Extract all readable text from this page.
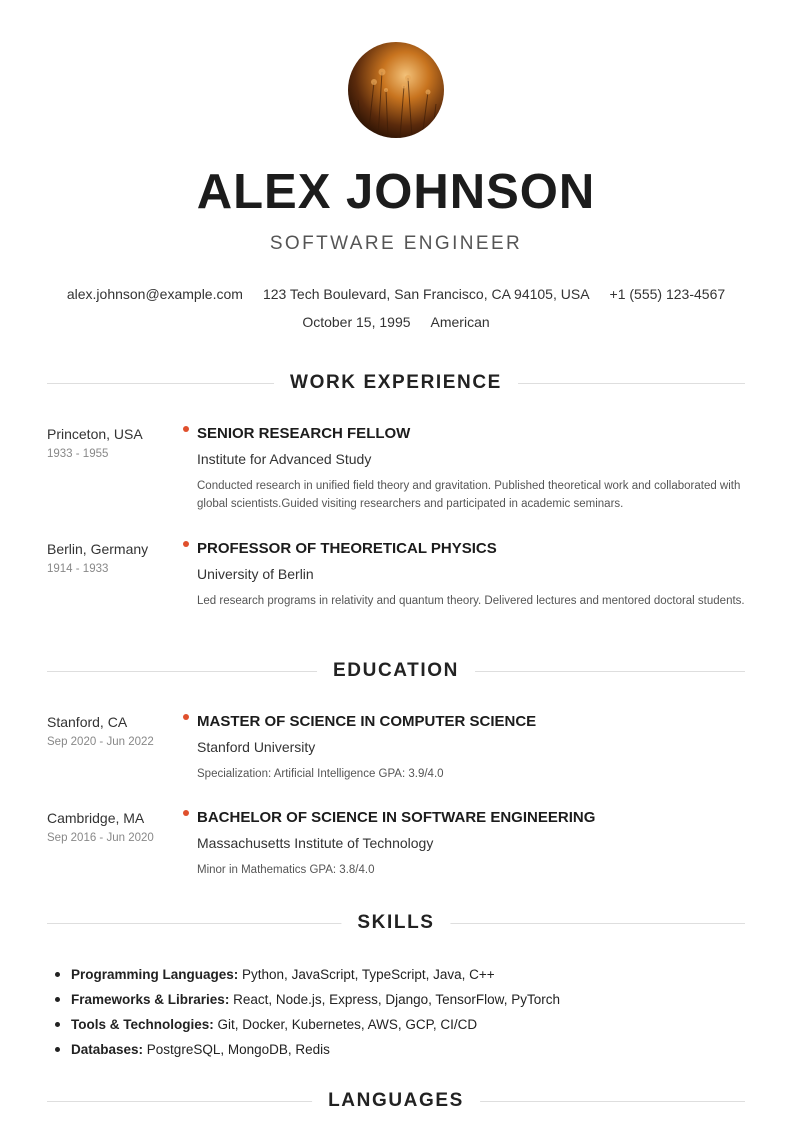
ALEX JOHNSON
SOFTWARE ENGINEER
alex.johnson@example.com 123 Tech Boulevard, San Francisco, CA 94105, USA +1 (555) 123-4567
October 15, 1995 American
WORK EXPERIENCE
Princeton, USA
1933 - 1955
SENIOR RESEARCH FELLOW
Institute for Advanced Study
Conducted research in unified field theory and gravitation. Published theoretical work and collaborated with global scientists.Guided visiting researchers and participated in academic seminars.
Berlin, Germany
1914 - 1933
PROFESSOR OF THEORETICAL PHYSICS
University of Berlin
Led research programs in relativity and quantum theory. Delivered lectures and mentored doctoral students.
EDUCATION
Stanford, CA
Sep 2020 - Jun 2022
MASTER OF SCIENCE IN COMPUTER SCIENCE
Stanford University
Specialization: Artificial Intelligence GPA: 3.9/4.0
Cambridge, MA
Sep 2016 - Jun 2020
BACHELOR OF SCIENCE IN SOFTWARE ENGINEERING
Massachusetts Institute of Technology
Minor in Mathematics GPA: 3.8/4.0
SKILLS
Programming Languages: Python, JavaScript, TypeScript, Java, C++
Frameworks & Libraries: React, Node.js, Express, Django, TensorFlow, PyTorch
Tools & Technologies: Git, Docker, Kubernetes, AWS, GCP, CI/CD
Databases: PostgreSQL, MongoDB, Redis
LANGUAGES
